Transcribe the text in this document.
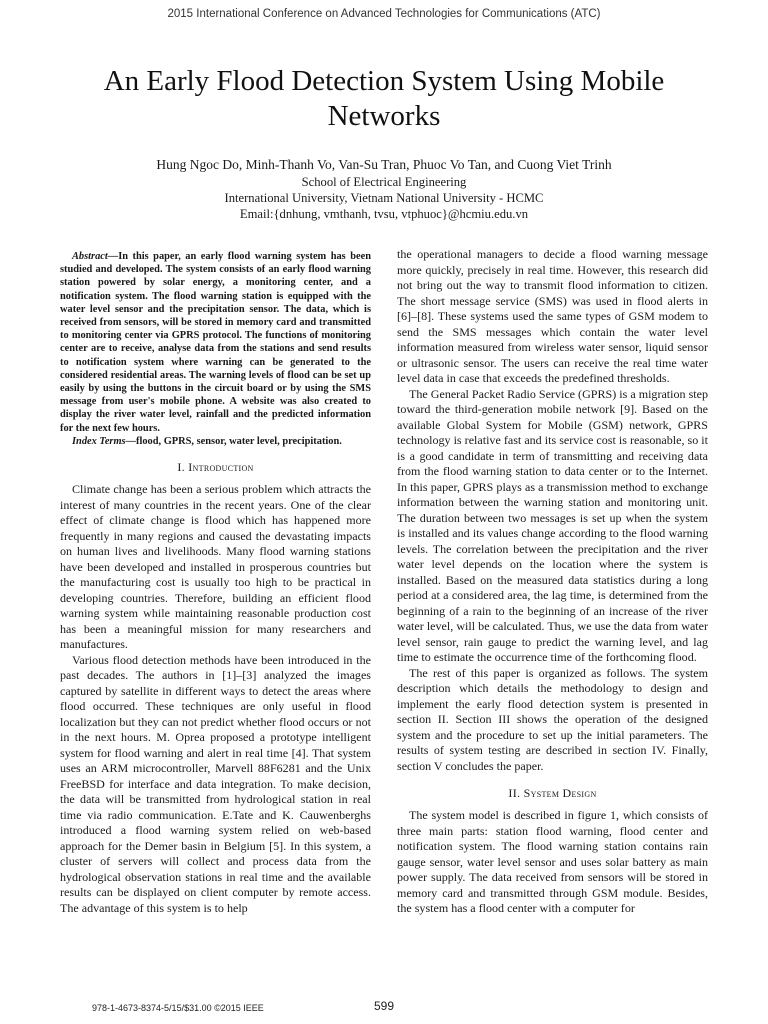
2015 International Conference on Advanced Technologies for Communications (ATC)
An Early Flood Detection System Using Mobile Networks
Hung Ngoc Do, Minh-Thanh Vo, Van-Su Tran, Phuoc Vo Tan, and Cuong Viet Trinh
School of Electrical Engineering
International University, Vietnam National University - HCMC
Email:{dnhung, vmthanh, tvsu, vtphuoc}@hcmiu.edu.vn

Abstract—In this paper, an early flood warning system has been studied and developed. The system consists of an early flood warning station powered by solar energy, a monitoring center, and a notification system. The flood warning station is equipped with the water level sensor and the precipitation sensor. The data, which is received from sensors, will be stored in memory card and transmitted to monitoring center via GPRS protocol. The functions of monitoring center are to receive, analyse data from the stations and send results to notification system where warning can be generated to the considered residential areas. The warning levels of flood can be set up easily by using the buttons in the circuit board or by using the SMS message from user's mobile phone. A website was also created to display the river water level, rainfall and the predicted information for the next few hours.

Index Terms—flood, GPRS, sensor, water level, precipitation.

I. Introduction

Climate change has been a serious problem which attracts the interest of many countries in the recent years. One of the clear effect of climate change is flood which has happened more frequently in many regions and caused the devastating impacts on human lives and livelihoods. Many flood warning stations have been developed and installed in prosperous countries but the manufacturing cost is usually too high to be practical in developing countries. Therefore, building an efficient flood warning system while maintaining reasonable production cost has been a meaningful mission for many researchers and manufactures.

Various flood detection methods have been introduced in the past decades. The authors in [1]–[3] analyzed the images captured by satellite in different ways to detect the areas where flood occurred. These techniques are only useful in flood localization but they can not predict whether flood occurs or not in the next hours. M. Oprea proposed a prototype intelligent system for flood warning and alert in real time [4]. That system uses an ARM microcontroller, Marvell 88F6281 and the Unix FreeBSD for interface and data integration. To make decision, the data will be transmitted from hydrological station in real time via radio communication. E.Tate and K. Cauwenberghs introduced a flood warning system relied on web-based approach for the Demer basin in Belgium [5]. In this system, a cluster of servers will collect and process data from the hydrological observation stations in real time and the available results can be displayed on client computer by remote access. The advantage of this system is to help

the operational managers to decide a flood warning message more quickly, precisely in real time. However, this research did not bring out the way to transmit flood information to citizen. The short message service (SMS) was used in flood alerts in [6]–[8]. These systems used the same types of GSM modem to send the SMS messages which contain the water level information measured from wireless water sensor, liquid sensor or ultrasonic sensor. The users can receive the real time water level data in case that exceeds the predefined thresholds.

The General Packet Radio Service (GPRS) is a migration step toward the third-generation mobile network [9]. Based on the available Global System for Mobile (GSM) network, GPRS technology is relative fast and its service cost is reasonable, so it is a good candidate in term of transmitting and receiving data from the flood warning station to data center or to the Internet. In this paper, GPRS plays as a transmission method to exchange information between the warning station and monitoring unit. The duration between two messages is set up when the system is installed and its values change according to the flood warning levels. The correlation between the precipitation and the river water level depends on the location where the system is installed. Based on the measured data statistics during a long period at a considered area, the lag time, is determined from the beginning of a rain to the beginning of an increase of the river water level, will be calculated. Thus, we use the data from water level sensor, rain gauge to predict the warning level, and lag time to estimate the occurrence time of the forthcoming flood.

The rest of this paper is organized as follows. The system description which details the methodology to design and implement the early flood detection system is presented in section II. Section III shows the operation of the designed system and the procedure to set up the initial parameters. The results of system testing are described in section IV. Finally, section V concludes the paper.

II. System Design

The system model is described in figure 1, which consists of three main parts: station flood warning, flood center and notification system. The flood warning station contains rain gauge sensor, water level sensor and uses solar battery as main power supply. The data received from sensors will be stored in memory card and transmitted through GSM module. Besides, the system has a flood center with a computer for

978-1-4673-8374-5/15/$31.00 ©2015 IEEE	599
